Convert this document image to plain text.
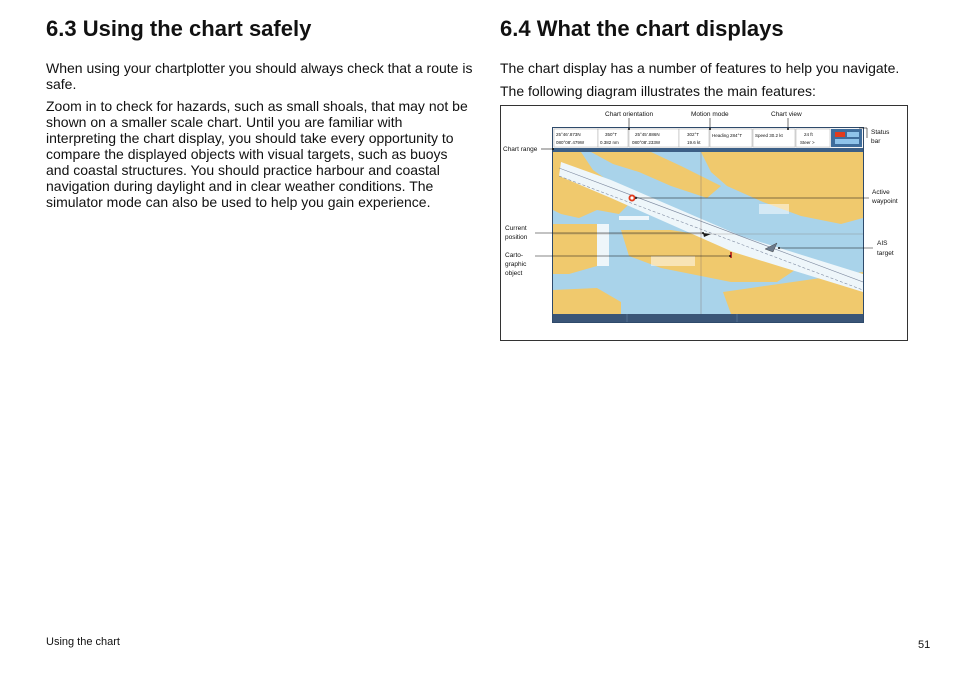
6.3 Using the chart safely

When using your chartplotter you should always check that a route is safe.

Zoom in to check for hazards, such as small shoals, that may not be shown on a smaller scale chart. Until you are familiar with interpreting the chart display, you should take every opportunity to compare the displayed objects with visual targets, such as buoys and coastal structures. You should practice harbour and coastal navigation during daylight and in clear weather conditions. The simulator mode can also be used to help you gain experience.

6.4 What the chart displays

The chart display has a number of features to help you navigate.

The following diagram illustrates the main features:

25°46'.873N
080°08'.479W
350°T
0.382 nm
25°45'.886N
080°08'.233W
302°T
19.6 kt
Heading 284°T	Speed 30.2 kt	24 ft
Steer >
Chart orientation	Motion mode	Chart view
Status
bar
Chart range
Active
waypoint
Current
position
Carto-
graphic
object
AIS
target
Using the chart	51
